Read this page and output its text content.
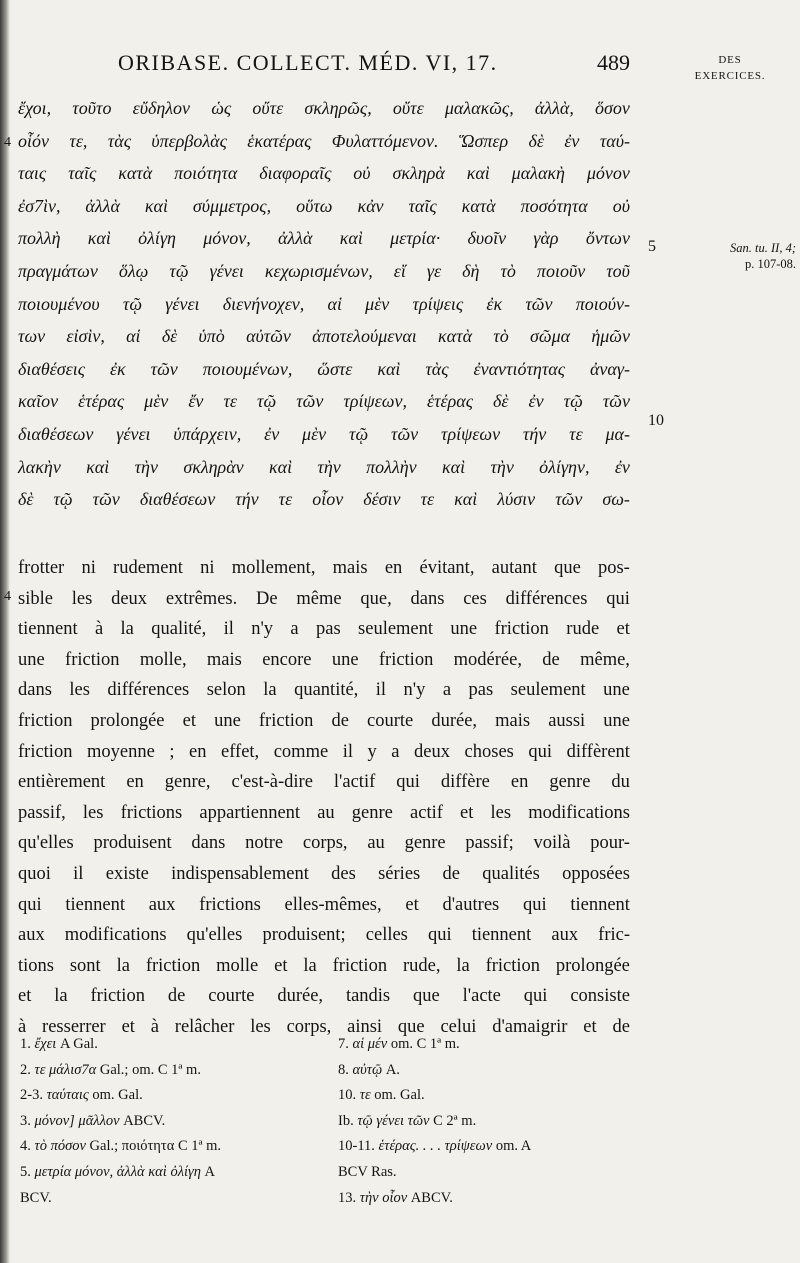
ORIBASE. COLLECT. MÉD. VI, 17.	489	DES
EXERCICES.
ἔχοι, τοῦτο εὔδηλον ὡς οὔτε σκληρῶς, οὔτε μαλακῶς, ἀλλὰ, ὅσον
οἷόν τε, τὰς ὑπερβολὰς ἑκατέρας Φυλαττόμενον. Ὥσπερ δὲ ἐν ταύ-
ταις ταῖς κατὰ ποιότητα διαφοραῖς οὐ σκληρὰ καὶ μαλακὴ μόνον
ἐσ7ὶν, ἀλλὰ καὶ σύμμετρος, οὕτω κἀν ταῖς κατὰ ποσότητα οὐ
πολλὴ καὶ ὀλίγη μόνον, ἀλλὰ καὶ μετρία· δυοῖν γὰρ ὄντων
πραγμάτων ὅλῳ τῷ γένει κεχωρισμένων, εἴ γε δὴ τὸ ποιοῦν τοῦ
ποιουμένου τῷ γένει διενήνοχεν, αἱ μὲν τρίψεις ἐκ τῶν ποιούν-
των εἰσὶν, αἱ δὲ ὑπὸ αὐτῶν ἀποτελούμεναι κατὰ τὸ σῶμα ἡμῶν
διαθέσεις ἐκ τῶν ποιουμένων, ὥστε καὶ τὰς ἐναντιότητας ἀναγ-
καῖον ἑτέρας μὲν ἔν τε τῷ τῶν τρίψεων, ἑτέρας δὲ ἐν τῷ τῶν
διαθέσεων γένει ὑπάρχειν, ἐν μὲν τῷ τῶν τρίψεων τήν τε μα-
λακὴν καὶ τὴν σκληρὰν καὶ τὴν πολλὴν καὶ τὴν ὀλίγην, ἐν
δὲ τῷ τῶν διαθέσεων τήν τε οἷον δέσιν τε καὶ λύσιν τῶν σω-
4
5	San. tu. II, 4;
p. 107-08.
10
frotter ni rudement ni mollement, mais en évitant, autant que pos-
sible les deux extrêmes. De même que, dans ces différences qui
tiennent à la qualité, il n'y a pas seulement une friction rude et
une friction molle, mais encore une friction modérée, de même,
dans les différences selon la quantité, il n'y a pas seulement une
friction prolongée et une friction de courte durée, mais aussi une
friction moyenne ; en effet, comme il y a deux choses qui diffèrent
entièrement en genre, c'est-à-dire l'actif qui diffère en genre du
passif, les frictions appartiennent au genre actif et les modifications
qu'elles produisent dans notre corps, au genre passif; voilà pour-
quoi il existe indispensablement des séries de qualités opposées
qui tiennent aux frictions elles-mêmes, et d'autres qui tiennent
aux modifications qu'elles produisent; celles qui tiennent aux fric-
tions sont la friction molle et la friction rude, la friction prolongée
et la friction de courte durée, tandis que l'acte qui consiste
à resserrer et à relâcher les corps, ainsi que celui d'amaigrir et de
4
1. ἔχει A Gal.
2. τε μάλισ7α Gal.; om. C 1ª m.
2-3. ταύταις om. Gal.
3. μόνον] μᾶλλον ABCV.
4. τὸ πόσον Gal.; ποιότητα C 1ª m.
5. μετρία μόνον, ἀλλὰ καὶ ὀλίγη A
BCV.
7. αἱ μέν om. C 1ª m.
8. αὐτῷ A.
10. τε om. Gal.
Ib. τῷ γένει τῶν C 2ª m.
10-11. ἑτέρας. . . . τρίψεων om. A
BCV Ras.
13. τὴν οἷον ABCV.
